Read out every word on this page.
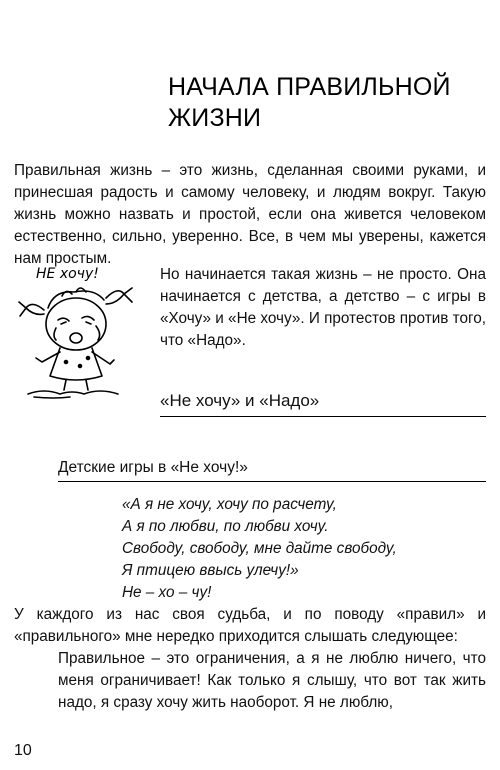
НАЧАЛА ПРАВИЛЬНОЙ
ЖИЗНИ

Правильная жизнь – это жизнь, сделанная своими руками, и принесшая радость и самому человеку, и людям вокруг. Такую жизнь можно назвать и простой, если она живется человеком естественно, сильно, уверенно. Все, в чем мы уверены, кажется нам простым.

НЕ хочу!	Но начинается такая жизнь – не просто. Она начинается с детства, а детство – с игры в «Хочу» и «Не хочу». И протестов против того, что «Надо».

«Не хочу» и «Надо»
Детские игры в «Не хочу!»
«А я не хочу, хочу по расчету,
А я по любви, по любви хочу.
Свободу, свободу, мне дайте свободу,
Я птицею ввысь улечу!»
Не – хо – чу!

У каждого из нас своя судьба, и по поводу «правил» и «правильного» мне нередко приходится слышать следующее:

Правильное – это ограничения, а я не люблю ничего, что меня ограничивает! Как только я слышу, что вот так жить надо, я сразу хочу жить наоборот. Я не люблю,

10
